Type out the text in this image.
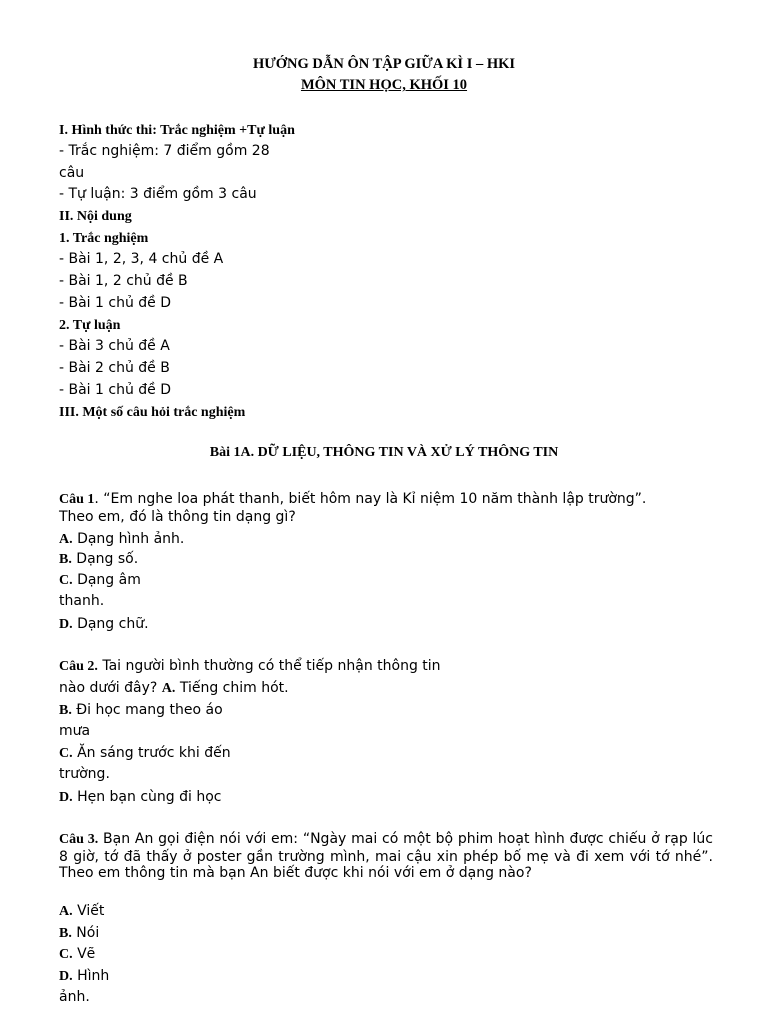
HƯỚNG DẪN ÔN TẬP GIỮA KÌ I – HKI
MÔN TIN HỌC, KHỐI 10
I. Hình thức thi: Trắc nghiệm +Tự luận
- Trắc nghiệm: 7 điểm gồm 28
câu
- Tự luận: 3 điểm gồm 3 câu
II. Nội dung
1. Trắc nghiệm
- Bài 1, 2, 3, 4 chủ đề A
- Bài 1, 2 chủ đề B
- Bài 1 chủ đề D
2. Tự luận
- Bài 3 chủ đề A
- Bài 2 chủ đề B
- Bài 1 chủ đề D
III. Một số câu hỏi trắc nghiệm
Bài 1A. DỮ LIỆU, THÔNG TIN VÀ XỬ LÝ THÔNG TIN
Câu 1. “Em nghe loa phát thanh, biết hôm nay là Kỉ niệm 10 năm thành lập trường”.
Theo em, đó là thông tin dạng gì?
A. Dạng hình ảnh.
B. Dạng số.
C. Dạng âm
thanh.
D. Dạng chữ.
Câu 2. Tai người bình thường có thể tiếp nhận thông tin
nào dưới đây? A. Tiếng chim hót.
B. Đi học mang theo áo
mưa
C. Ăn sáng trước khi đến
trường.
D. Hẹn bạn cùng đi học
Câu 3. Bạn An gọi điện nói với em: “Ngày mai có một bộ phim hoạt hình được chiếu ở rạp lúc 8 giờ, tớ đã thấy ở poster gần trường mình, mai cậu xin phép bố mẹ và đi xem với tớ nhé”. Theo em thông tin mà bạn An biết được khi nói với em ở dạng nào?
A. Viết
B. Nói
C. Vẽ
D. Hình
ảnh.
